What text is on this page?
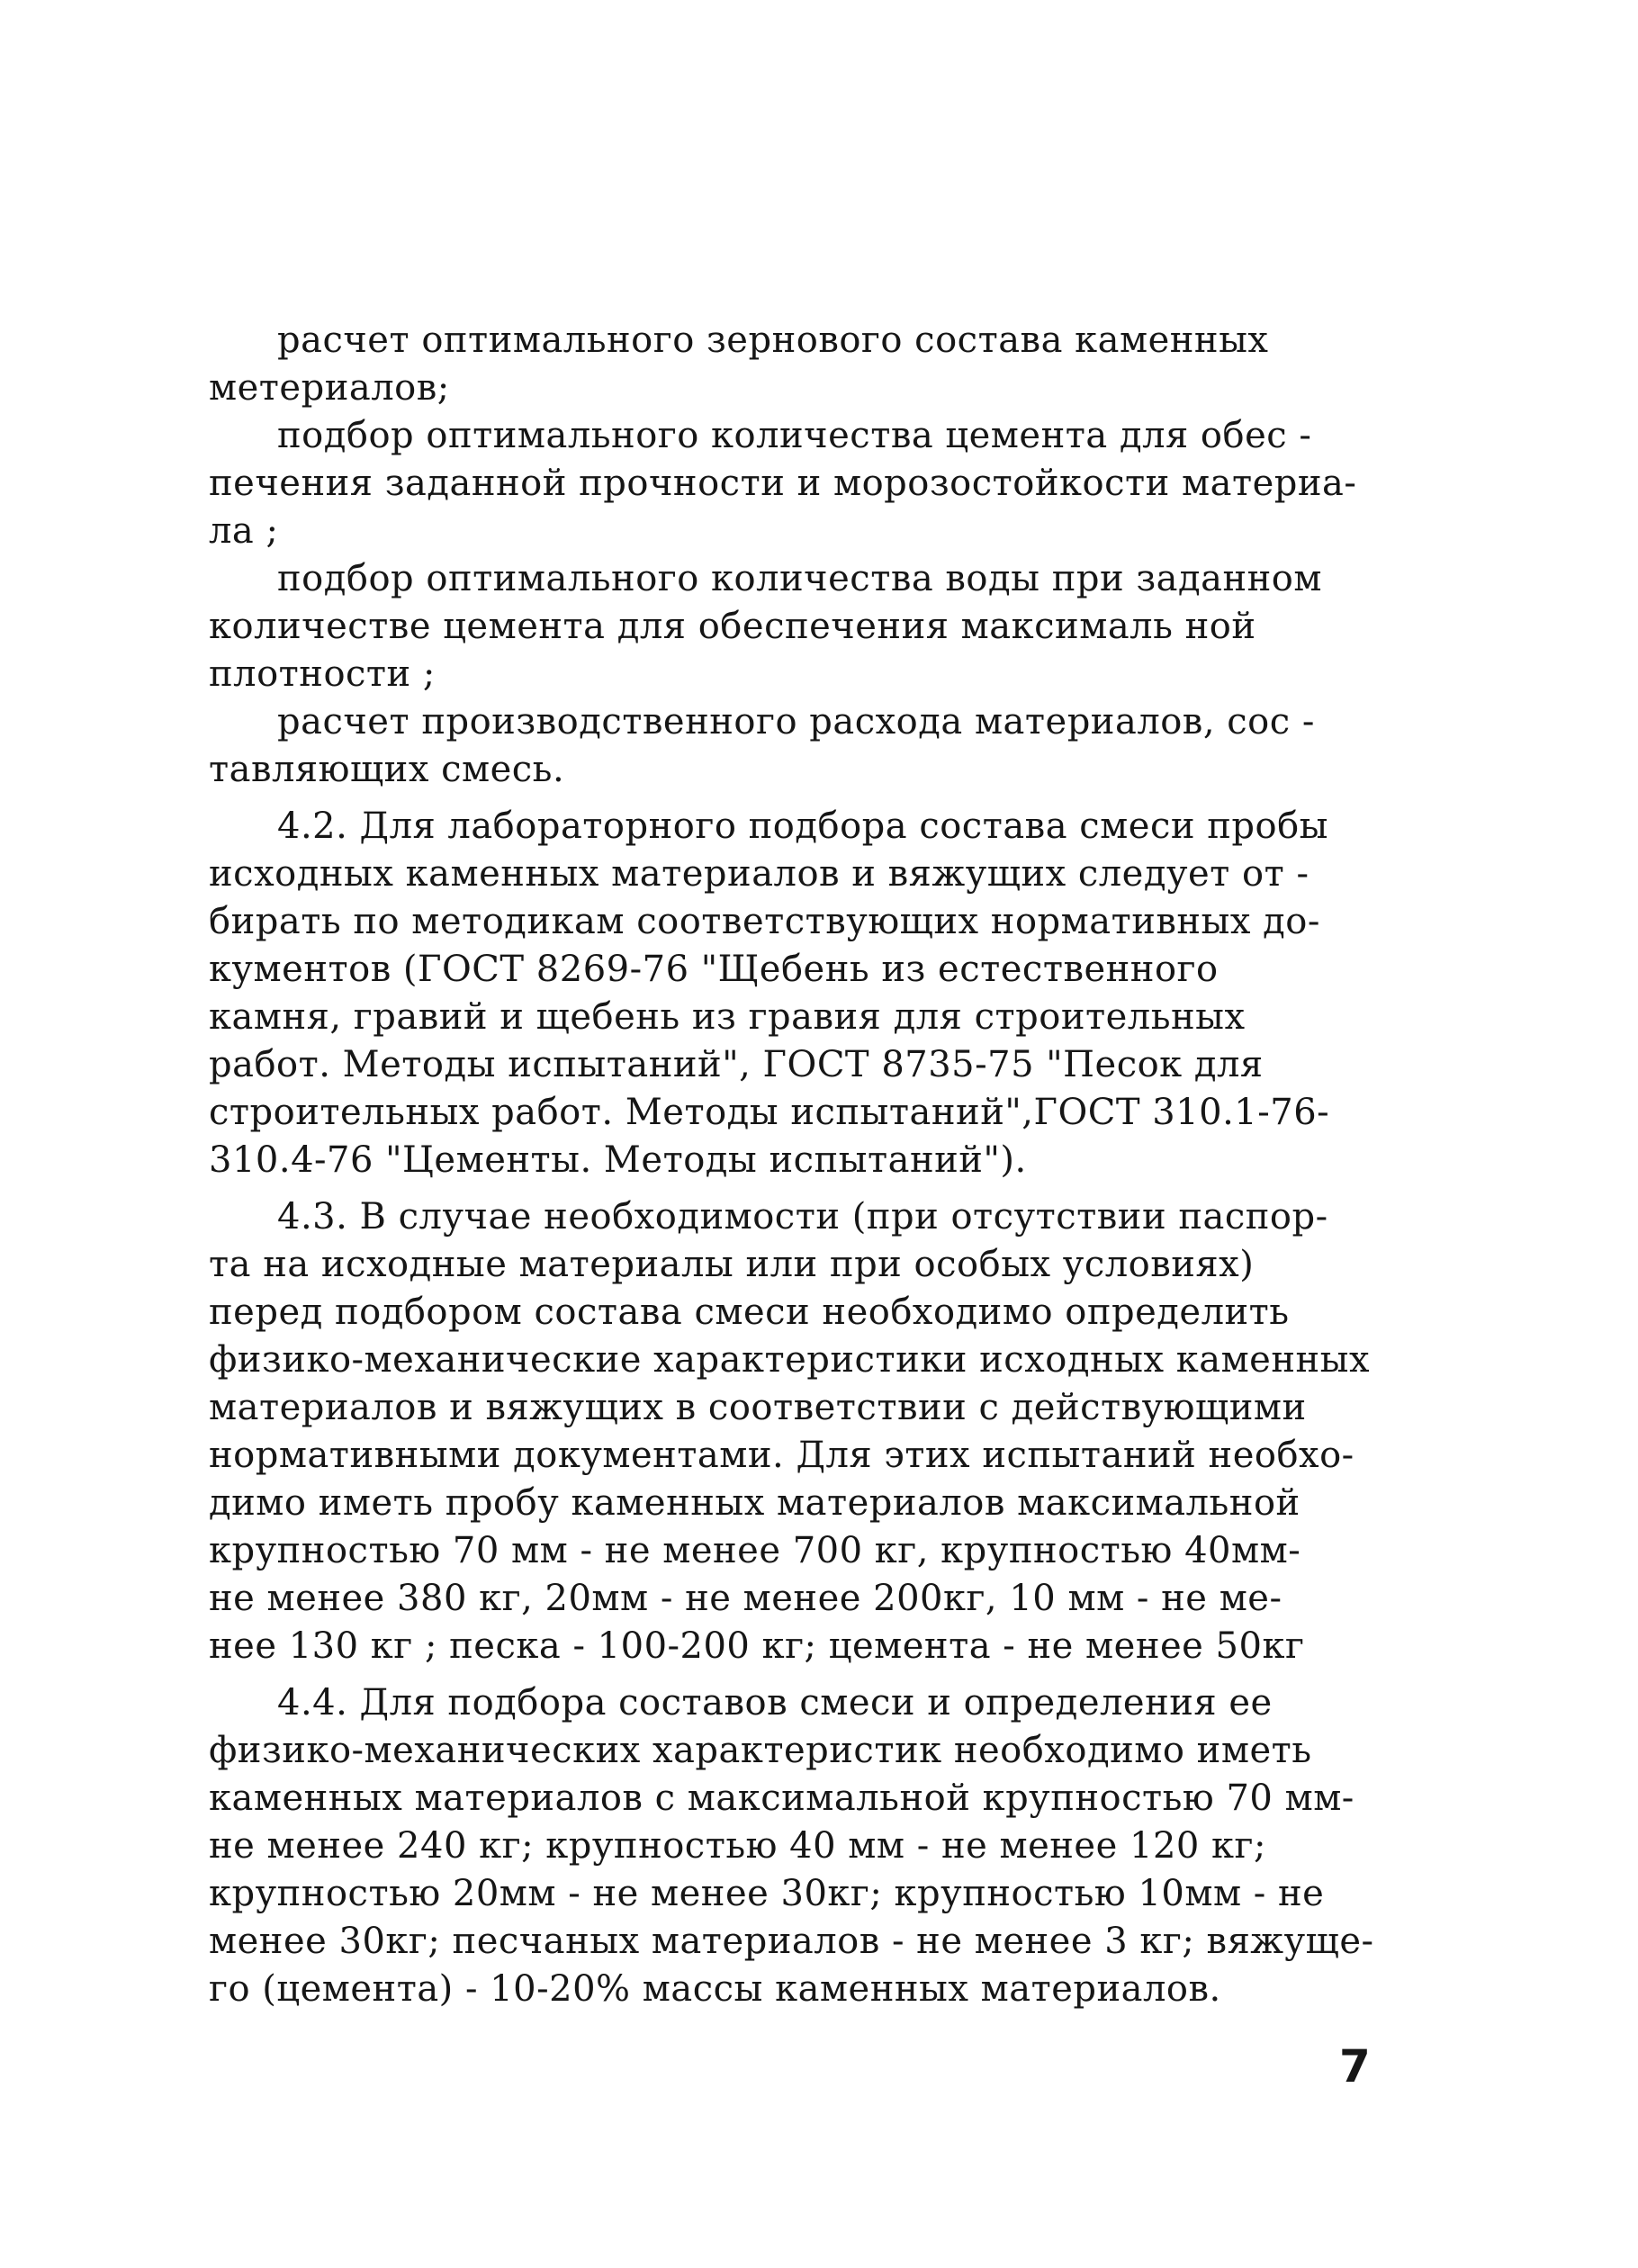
расчет оптимального зернового состава каменных
метериалов;
подбор оптимального количества цемента для обес -
печения заданной прочности и морозостойкости материа-
ла ;
подбор оптимального количества воды при заданном
количестве цемента для обеспечения максималь ной
плотности ;
расчет производственного расхода материалов, сос -
тавляющих смесь.
4.2. Для лабораторного подбора состава смеси пробы
исходных каменных материалов и вяжущих следует от -
бирать по методикам соответствующих нормативных до-
кументов (ГОСТ 8269-76 "Щебень из естественного
камня, гравий и щебень из гравия для строительных
работ. Методы испытаний", ГОСТ 8735-75 "Песок для
строительных работ. Методы испытаний",ГОСТ 310.1-76-
310.4-76 "Цементы. Методы испытаний").
4.3. В случае необходимости (при отсутствии паспор-
та на исходные материалы или при особых условиях)
перед подбором состава смеси необходимо определить
физико-механические характеристики исходных каменных
материалов и вяжущих в соответствии с действующими
нормативными документами. Для этих испытаний необхо-
димо иметь пробу каменных материалов максимальной
крупностью 70 мм - не менее 700 кг, крупностью 40мм-
не менее 380 кг, 20мм - не менее 200кг, 10 мм - не ме-
нее 130 кг ; песка - 100-200 кг; цемента - не менее 50кг
4.4. Для подбора составов смеси и определения ее
физико-механических характеристик необходимо иметь
каменных материалов с максимальной крупностью 70 мм-
не менее 240 кг; крупностью 40 мм - не менее 120 кг;
крупностью 20мм - не менее 30кг; крупностью 10мм - не
менее 30кг; песчаных материалов - не менее 3 кг; вяжуще-
го (цемента) - 10-20% массы каменных материалов.
7
